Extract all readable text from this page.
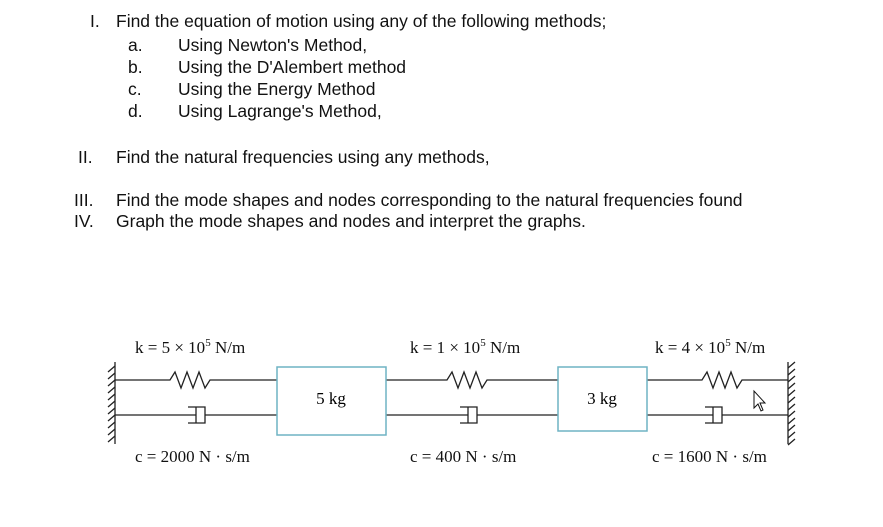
I. Find the equation of motion using any of the following methods;
a. Using Newton's Method,
b. Using the D'Alembert method
c. Using the Energy Method
d. Using Lagrange's Method,
II. Find the natural frequencies using any methods,
III. Find the mode shapes and nodes corresponding to the natural frequencies found
IV. Graph the mode shapes and nodes and interpret the graphs.
5 kg	3 kg
$k = 5 \times 10^5$ N/m	$k = 1 \times 10^5$ N/m	$k = 4 \times 10^5$ N/m
c = 2000 N · s/m	c = 400 N · s/m	c = 1600 N · s/m
